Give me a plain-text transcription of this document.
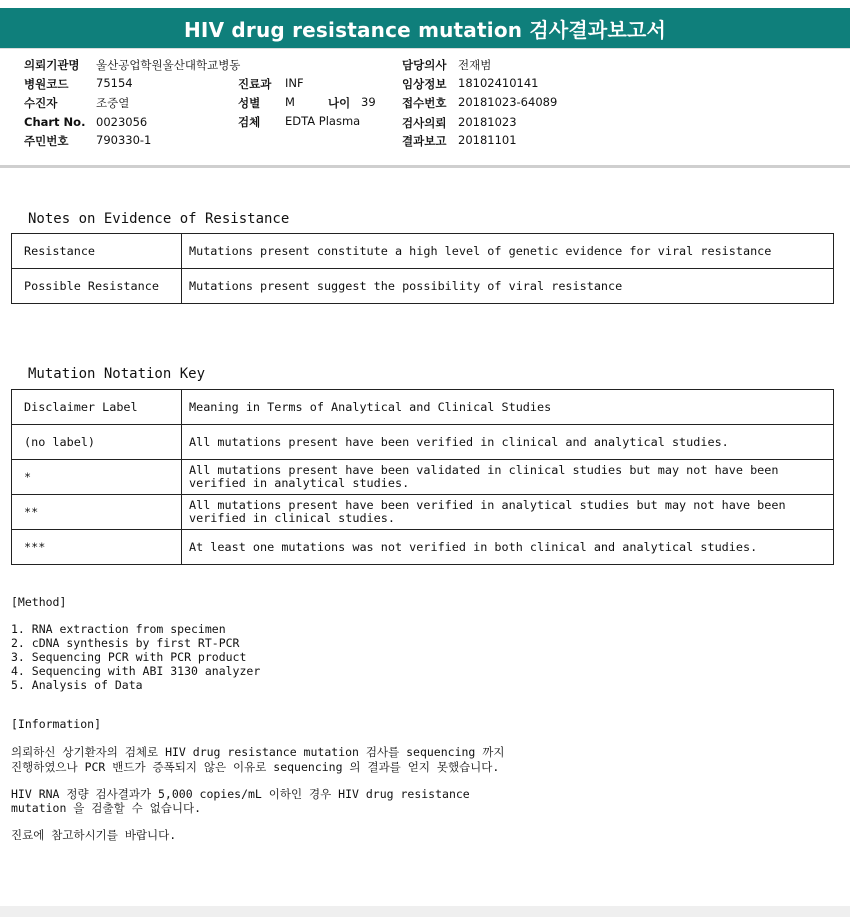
HIV drug resistance mutation 검사결과보고서
의뢰기관명 울산공업학원울산대학교병동
병원코드 75154
수진자	조중열
Chart No. 0023056
주민번호 790330-1
진료과 INF
성별 M	나이 39
검체 EDTA Plasma
담당의사 전재범
임상정보 18102410141
접수번호 20181023-64089
검사의뢰 20181023
결과보고 20181101
Notes on Evidence of Resistance
Resistance	Mutations present constitute a high level of genetic evidence for viral resistance
Possible Resistance	Mutations present suggest the possibility of viral resistance
Mutation Notation Key
Disclaimer Label	Meaning in Terms of Analytical and Clinical Studies
(no label)	All mutations present have been verified in clinical and analytical studies.
*	All mutations present have been validated in clinical studies but may not have been verified in analytical studies.
**	All mutations present have been verified in analytical studies but may not have been verified in clinical studies.
***	At least one mutations was not verified in both clinical and analytical studies.
[Method]
1. RNA extraction from specimen
2. cDNA synthesis by first RT-PCR
3. Sequencing PCR with PCR product
4. Sequencing with ABI 3130 analyzer
5. Analysis of Data
[Information]
의뢰하신 상기환자의 검체로 HIV drug resistance mutation 검사를 sequencing 까지
진행하였으나 PCR 밴드가 증폭되지 않은 이유로 sequencing 의 결과를 얻지 못했습니다.
HIV RNA 정량 검사결과가 5,000 copies/mL 이하인 경우 HIV drug resistance
mutation 을 검출할 수 없습니다.
진료에 참고하시기를 바랍니다.
